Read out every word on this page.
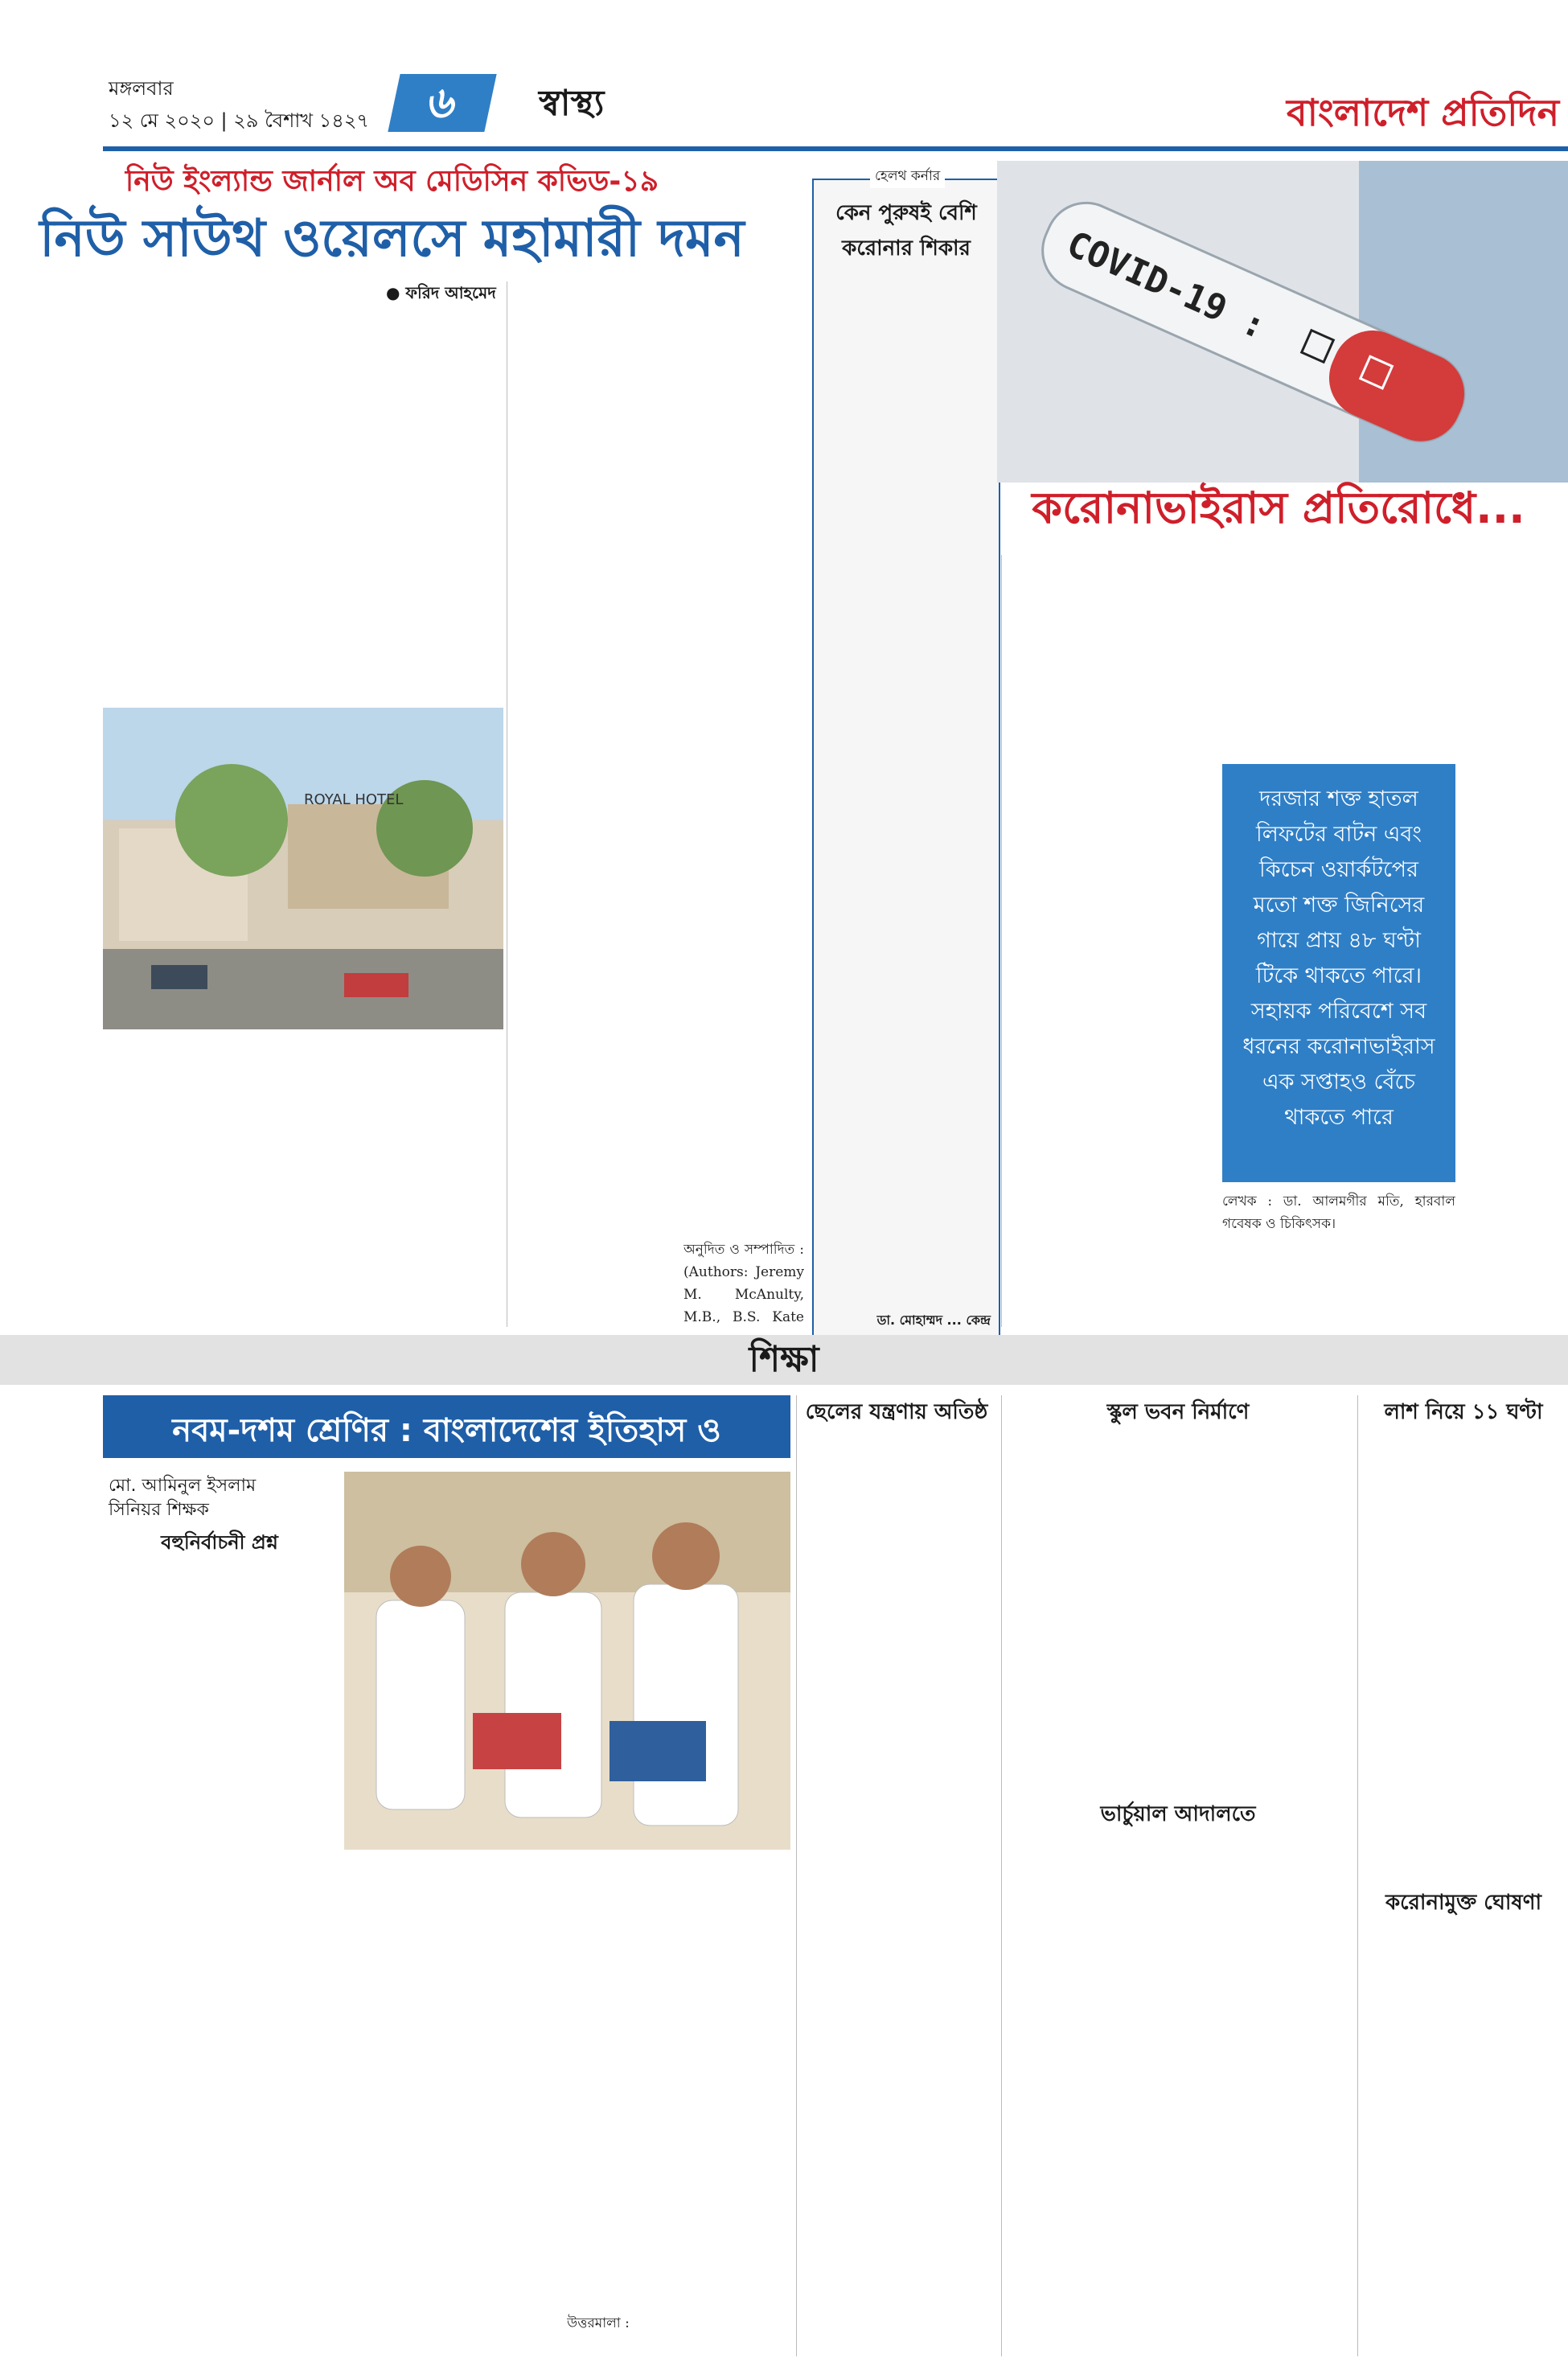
মঙ্গলবার
১২ মে ২০২০ | ২৯ বৈশাখ ১৪২৭	৬	স্বাস্থ্য	বাংলাদেশ প্রতিদিন
নিউ ইংল্যান্ড জার্নাল অব মেডিসিন কভিড-১৯
নিউ সাউথ ওয়েলসে মহামারী দমন
● ফরিদ আহমেদ
ROYAL HOTEL
অনুদিত ও সম্পাদিত : (Authors: Jeremy M. McAnulty, M.B., B.S. Kate
হেলথ কর্নার
কেন পুরুষই বেশি করোনার শিকার
ডা. মোহাম্মদ ... কেন্দ্র
COVID-19 :
করোনাভাইরাস প্রতিরোধে...
দরজার শক্ত হাতল লিফটের বাটন এবং কিচেন ওয়ার্কটপের মতো শক্ত জিনিসের গায়ে প্রায় ৪৮ ঘণ্টা টিকে থাকতে পারে। সহায়ক পরিবেশে সব ধরনের করোনাভাইরাস এক সপ্তাহও বেঁচে থাকতে পারে
লেখক : ডা. আলমগীর মতি, হারবাল গবেষক ও চিকিৎসক।
শিক্ষা
নবম-দশম শ্রেণির : বাংলাদেশের ইতিহাস ও
মো. আমিনুল ইসলাম
সিনিয়র শিক্ষক
বহুনির্বাচনী প্রশ্ন
উত্তরমালা :
ছেলের যন্ত্রণায় অতিষ্ঠ	স্কুল ভবন নির্মাণে
ভার্চুয়াল আদালতে
লাশ নিয়ে ১১ ঘণ্টা
করোনামুক্ত ঘোষণা
